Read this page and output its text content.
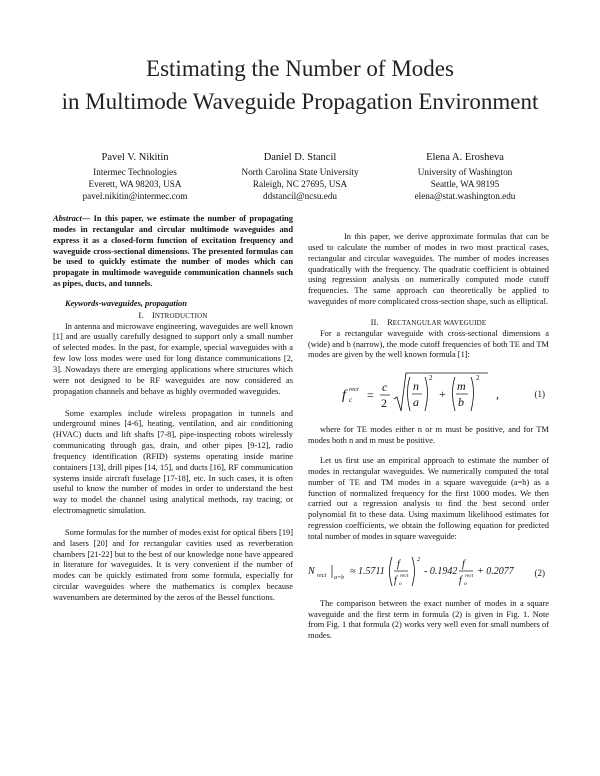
Estimating the Number of Modes
in Multimode Waveguide Propagation Environment
Pavel V. Nikitin
Intermec Technologies
Everett, WA 98203, USA
pavel.nikitin@intermec.com
Daniel D. Stancil
North Carolina State University
Raleigh, NC 27695, USA
ddstancil@ncsu.edu
Elena A. Erosheva
University of Washington
Seattle, WA 98195
elena@stat.washington.edu

Abstract— In this paper, we estimate the number of propagating modes in rectangular and circular multimode waveguides and express it as a closed-form function of excitation frequency and waveguide cross-sectional dimensions. The presented formulas can be used to quickly estimate the number of modes which can propagate in multimode waveguide communication channels such as pipes, ducts, and tunnels.

Keywords-waveguides, propagation

I. INTRODUCTION

In antenna and microwave engineering, waveguides are well known [1] and are usually carefully designed to support only a small number of selected modes. In the past, for example, special waveguides with a few low loss modes were used for long distance communications [2, 3]. Nowadays there are emerging applications where structures which were not designed to be RF waveguides are now considered as propagation channels and behave as highly overmoded waveguides.

Some examples include wireless propagation in tunnels and underground mines [4-6], heating, ventilation, and air conditioning (HVAC) ducts and lift shafts [7-8], pipe-inspecting robots wirelessly communicating through gas, drain, and other pipes [9-12], radio frequency identification (RFID) systems operating inside marine containers [13], drill pipes [14, 15], and ducts [16], RF communication systems inside aircraft fuselage [17-18], etc. In such cases, it is often useful to know the number of modes in order to understand the best way to model the channel using analytical methods, ray tracing, or electromagnetic simulation.

Some formulas for the number of modes exist for optical fibers [19] and lasers [20] and for rectangular cavities used as reverberation chambers [21-22] but to the best of our knowledge none have appeared in literature for waveguides. It is very convenient if the number of modes can be quickly estimated from some formula, especially for circular waveguides where the mathematics is complex because wavenumbers are determined by the zeros of the Bessel functions.

In this paper, we derive approximate formulas that can be used to calculate the number of modes in two most practical cases, rectangular and circular waveguides. The number of modes increases quadratically with the frequency. The quadratic coefficient is obtained using regression analysis on numerically computed mode cutoff frequencies. The same approach can theoretically be applied to waveguides of more complicated cross-section shape, such as elliptical.

II. RECTANGULAR WAVEGUIDE

For a rectangular waveguide with cross-sectional dimensions a (wide) and b (narrow), the mode cutoff frequencies of both TE and TM modes are given by the well known formula [1]:

f rect
c =
c
2
n
a
2
+
m
b
2
,	(1)

where for TE modes either n or m must be positive, and for TM modes both n and m must be positive.

Let us first use an empirical approach to estimate the number of modes in rectangular waveguides. We numerically computed the total number of TE and TM modes in a square waveguide (a=b) as a function of normalized frequency for the first 1000 modes. We then carried out a regression analysis to find the best second order polynomial fit to these data. Using maximum likelihood estimates for regression coefficients, we obtain the following equation for predicted total number of modes in square waveguide:

N rect a=b
≈ 1.5711
f
f o
rect
2
- 0.1942
f
f o
rect + 0.2077 (2)

The comparison between the exact number of modes in a square waveguide and the first term in formula (2) is given in Fig. 1. Note from Fig. 1 that formula (2) works very well even for small numbers of modes.
